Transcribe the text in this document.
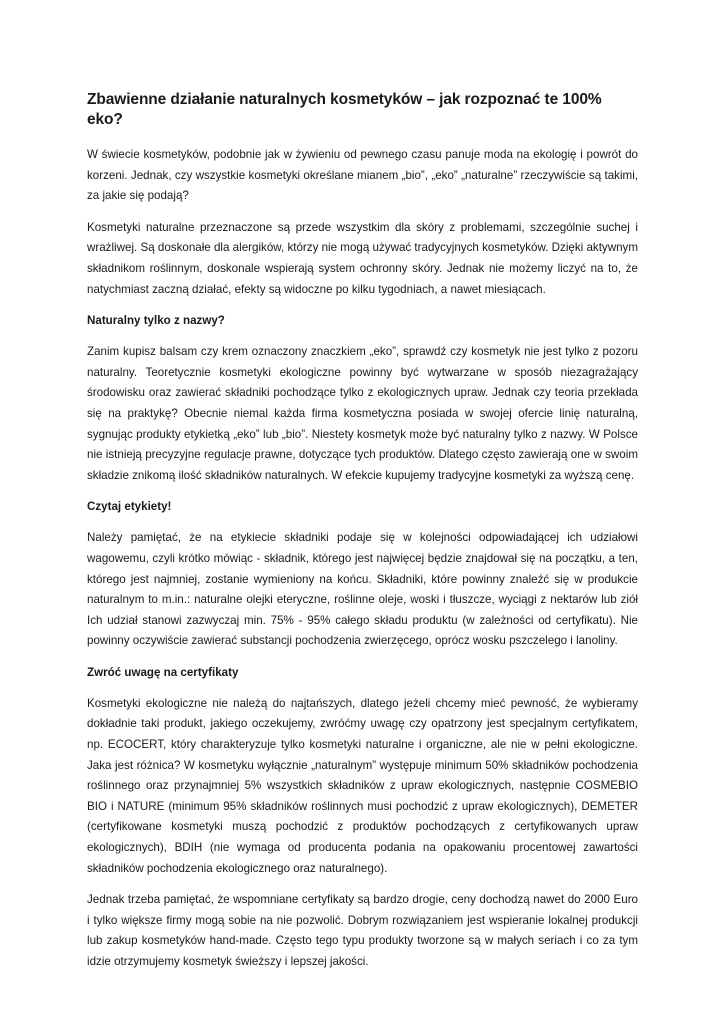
Zbawienne działanie naturalnych kosmetyków – jak rozpoznać te 100% eko?

W świecie kosmetyków, podobnie jak w żywieniu od pewnego czasu panuje moda na ekologię i powrót do korzeni. Jednak, czy wszystkie kosmetyki określane mianem „bio”, „eko” „naturalne” rzeczywiście są takimi, za jakie się podają?

Kosmetyki naturalne przeznaczone są przede wszystkim dla skóry z problemami, szczególnie suchej i wrażliwej. Są doskonałe dla alergików, którzy nie mogą używać tradycyjnych kosmetyków. Dzięki aktywnym składnikom roślinnym, doskonale wspierają system ochronny skóry. Jednak nie możemy liczyć na to, że natychmiast zaczną działać, efekty są widoczne po kilku tygodniach, a nawet miesiącach.

Naturalny tylko z nazwy?

Zanim kupisz balsam czy krem oznaczony znaczkiem „eko”, sprawdź czy kosmetyk nie jest tylko z pozoru naturalny. Teoretycznie kosmetyki ekologiczne powinny być wytwarzane w sposób niezagrażający środowisku oraz zawierać składniki pochodzące tylko z ekologicznych upraw. Jednak czy teoria przekłada się na praktykę? Obecnie niemal każda firma kosmetyczna posiada w swojej ofercie linię naturalną, sygnując produkty etykietką „eko” lub „bio”. Niestety kosmetyk może być naturalny tylko z nazwy. W Polsce nie istnieją precyzyjne regulacje prawne, dotyczące tych produktów. Dlatego często zawierają one w swoim składzie znikomą ilość składników naturalnych. W efekcie kupujemy tradycyjne kosmetyki za wyższą cenę.

Czytaj etykiety!

Należy pamiętać, że na etykiecie składniki podaje się w kolejności odpowiadającej ich udziałowi wagowemu, czyli krótko mówiąc - składnik, którego jest najwięcej będzie znajdował się na początku, a ten, którego jest najmniej, zostanie wymieniony na końcu. Składniki, które powinny znaleźć się w produkcie naturalnym to m.in.: naturalne olejki eteryczne, roślinne oleje, woski i tłuszcze, wyciągi z nektarów lub ziół Ich udział stanowi zazwyczaj min. 75% - 95% całego składu produktu (w zależności od certyfikatu). Nie powinny oczywiście zawierać substancji pochodzenia zwierzęcego, oprócz wosku pszczelego i lanoliny.

Zwróć uwagę na certyfikaty

Kosmetyki ekologiczne nie należą do najtańszych, dlatego jeżeli chcemy mieć pewność, że wybieramy dokładnie taki produkt, jakiego oczekujemy, zwróćmy uwagę czy opatrzony jest specjalnym certyfikatem, np. ECOCERT, który charakteryzuje tylko kosmetyki naturalne i organiczne, ale nie w pełni ekologiczne. Jaka jest różnica? W kosmetyku wyłącznie „naturalnym” występuje minimum 50% składników pochodzenia roślinnego oraz przynajmniej 5% wszystkich składników z upraw ekologicznych, następnie COSMEBIO BIO i NATURE (minimum 95% składników roślinnych musi pochodzić z upraw ekologicznych), DEMETER (certyfikowane kosmetyki muszą pochodzić z produktów pochodzących z certyfikowanych upraw ekologicznych), BDIH (nie wymaga od producenta podania na opakowaniu procentowej zawartości składników pochodzenia ekologicznego oraz naturalnego).

Jednak trzeba pamiętać, że wspomniane certyfikaty są bardzo drogie, ceny dochodzą nawet do 2000 Euro i tylko większe firmy mogą sobie na nie pozwolić. Dobrym rozwiązaniem jest wspieranie lokalnej produkcji lub zakup kosmetyków hand-made. Często tego typu produkty tworzone są w małych seriach i co za tym idzie otrzymujemy kosmetyk świeższy i lepszej jakości.
